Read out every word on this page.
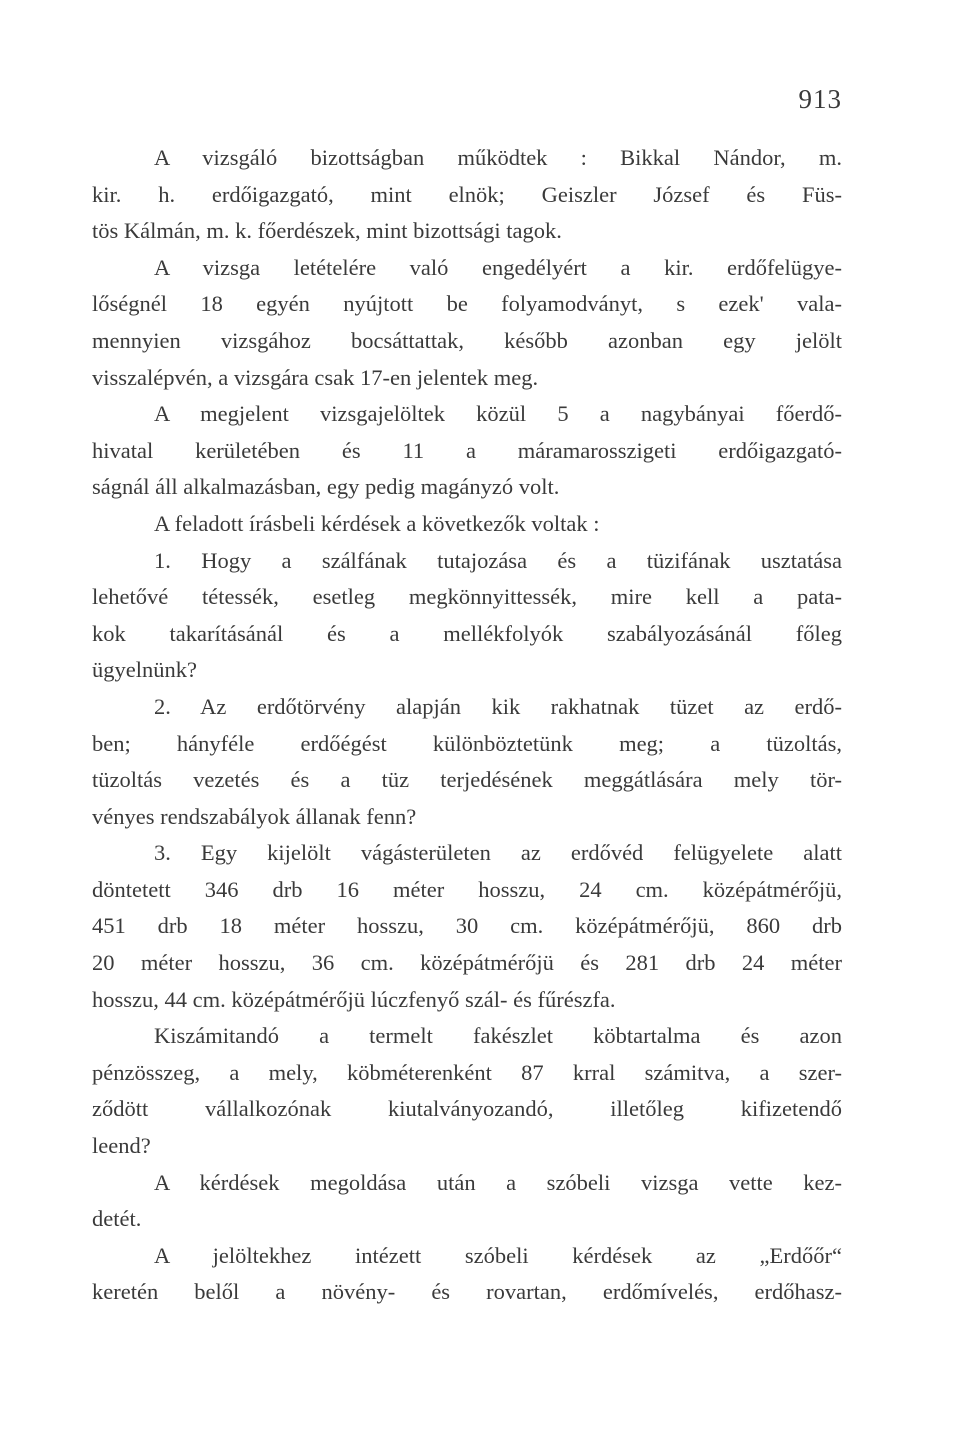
913
A vizsgáló bizottságban működtek : Bikkal Nándor, m.
kir. h. erdőigazgató, mint elnök; Geiszler József és Füs-
tös Kálmán, m. k. főerdészek, mint bizottsági tagok.
A vizsga letételére való engedélyért a kir. erdőfelügye-
lőségnél 18 egyén nyújtott be folyamodványt, s ezek' vala-
mennyien vizsgához bocsáttattak, később azonban egy jelölt
visszalépvén, a vizsgára csak 17-en jelentek meg.
A megjelent vizsgajelöltek közül 5 a nagybányai főerdő-
hivatal kerületében és 11 a máramarosszigeti erdőigazgató-
ságnál áll alkalmazásban, egy pedig magányzó volt.
A feladott írásbeli kérdések a következők voltak :
1. Hogy a szálfának tutajozása és a tüzifának usztatása
lehetővé tétessék, esetleg megkönnyittessék, mire kell a pata-
kok takarításánál és a mellékfolyók szabályozásánál főleg
ügyelnünk?
2. Az erdőtörvény alapján kik rakhatnak tüzet az erdő-
ben; hányféle erdőégést különböztetünk meg; a tüzoltás,
tüzoltás vezetés és a tüz terjedésének meggátlására mely tör-
vényes rendszabályok állanak fenn?
3. Egy kijelölt vágásterületen az erdővéd felügyelete alatt
döntetett 346 drb 16 méter hosszu, 24 cm. középátmérőjü,
451 drb 18 méter hosszu, 30 cm. középátmérőjü, 860 drb
20 méter hosszu, 36 cm. középátmérőjü és 281 drb 24 méter
hosszu, 44 cm. középátmérőjü lúczfenyő szál- és fűrészfa.
Kiszámitandó a termelt fakészlet köbtartalma és azon
pénzösszeg, a mely, köbméterenként 87 krral számitva, a szer-
ződött vállalkozónak kiutalványozandó, illetőleg kifizetendő
leend?
A kérdések megoldása után a szóbeli vizsga vette kez-
detét.
A jelöltekhez intézett szóbeli kérdések az „Erdőőr“
keretén belől a növény- és rovartan, erdőmívelés, erdőhasz-
